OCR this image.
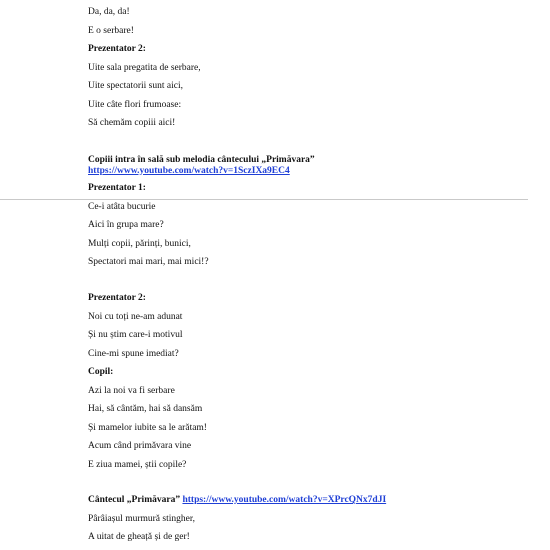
Da, da, da!
E o serbare!
Prezentator 2:
Uite sala pregatita de serbare,
Uite spectatorii sunt aici,
Uite câte flori frumoase:
Să chemăm copiii aici!
Copiii intra în sală sub melodia cântecului „Primăvara”
https://www.youtube.com/watch?v=1SczIXa9EC4
Prezentator 1:
Ce-i atâta bucurie
Aici în grupa mare?
Mulți copii, părinți, bunici,
Spectatori mai mari, mai mici!?
Prezentator 2:
Noi cu toți ne-am adunat
Și nu știm care-i motivul
Cine-mi spune imediat?
Copil:
Azi la noi va fi serbare
Hai, să cântăm, hai să dansăm
Și mamelor iubite sa le arătam!
Acum când primăvara vine
E ziua mamei, știi copile?
Cântecul „Primăvara” https://www.youtube.com/watch?v=XPrcQNx7dJI
Pârâiașul murmură stingher,
A uitat de gheață și de ger!
